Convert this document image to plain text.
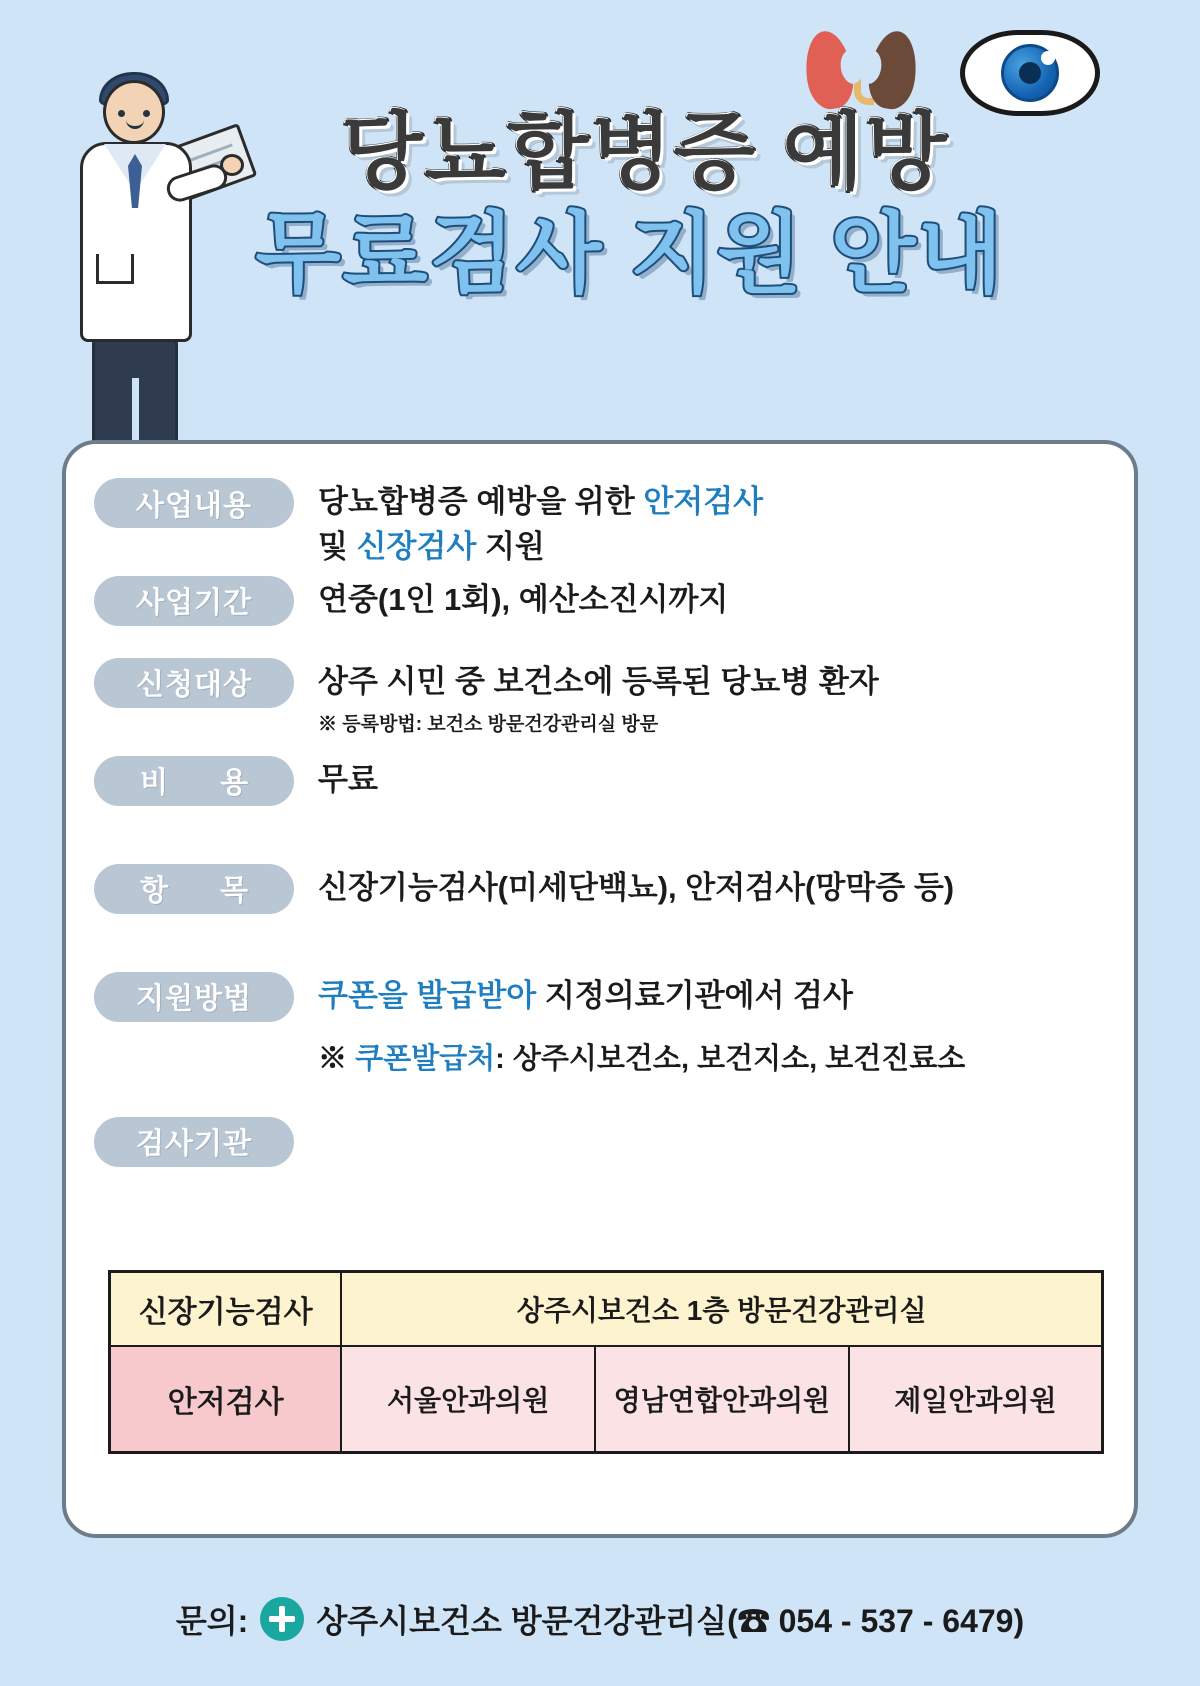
당뇨합병증 예방
무료검사 지원 안내
사업내용	당뇨합병증 예방을 위한 안저검사
및 신장검사 지원
사업기간	연중(1인 1회), 예산소진시까지
신청대상	상주 시민 중 보건소에 등록된 당뇨병 환자
※ 등록방법: 보건소 방문건강관리실 방문
비 용	무료
항 목	신장기능검사(미세단백뇨), 안저검사(망막증 등)
지원방법	쿠폰을 발급받아 지정의료기관에서 검사
※ 쿠폰발급처: 상주시보건소, 보건지소, 보건진료소
검사기관
신장기능검사	상주시보건소 1층 방문건강관리실		
안저검사	서울안과의원	영남연합안과의원	제일안과의원
문의: 상주시보건소 방문건강관리실(☎ 054 - 537 - 6479)
